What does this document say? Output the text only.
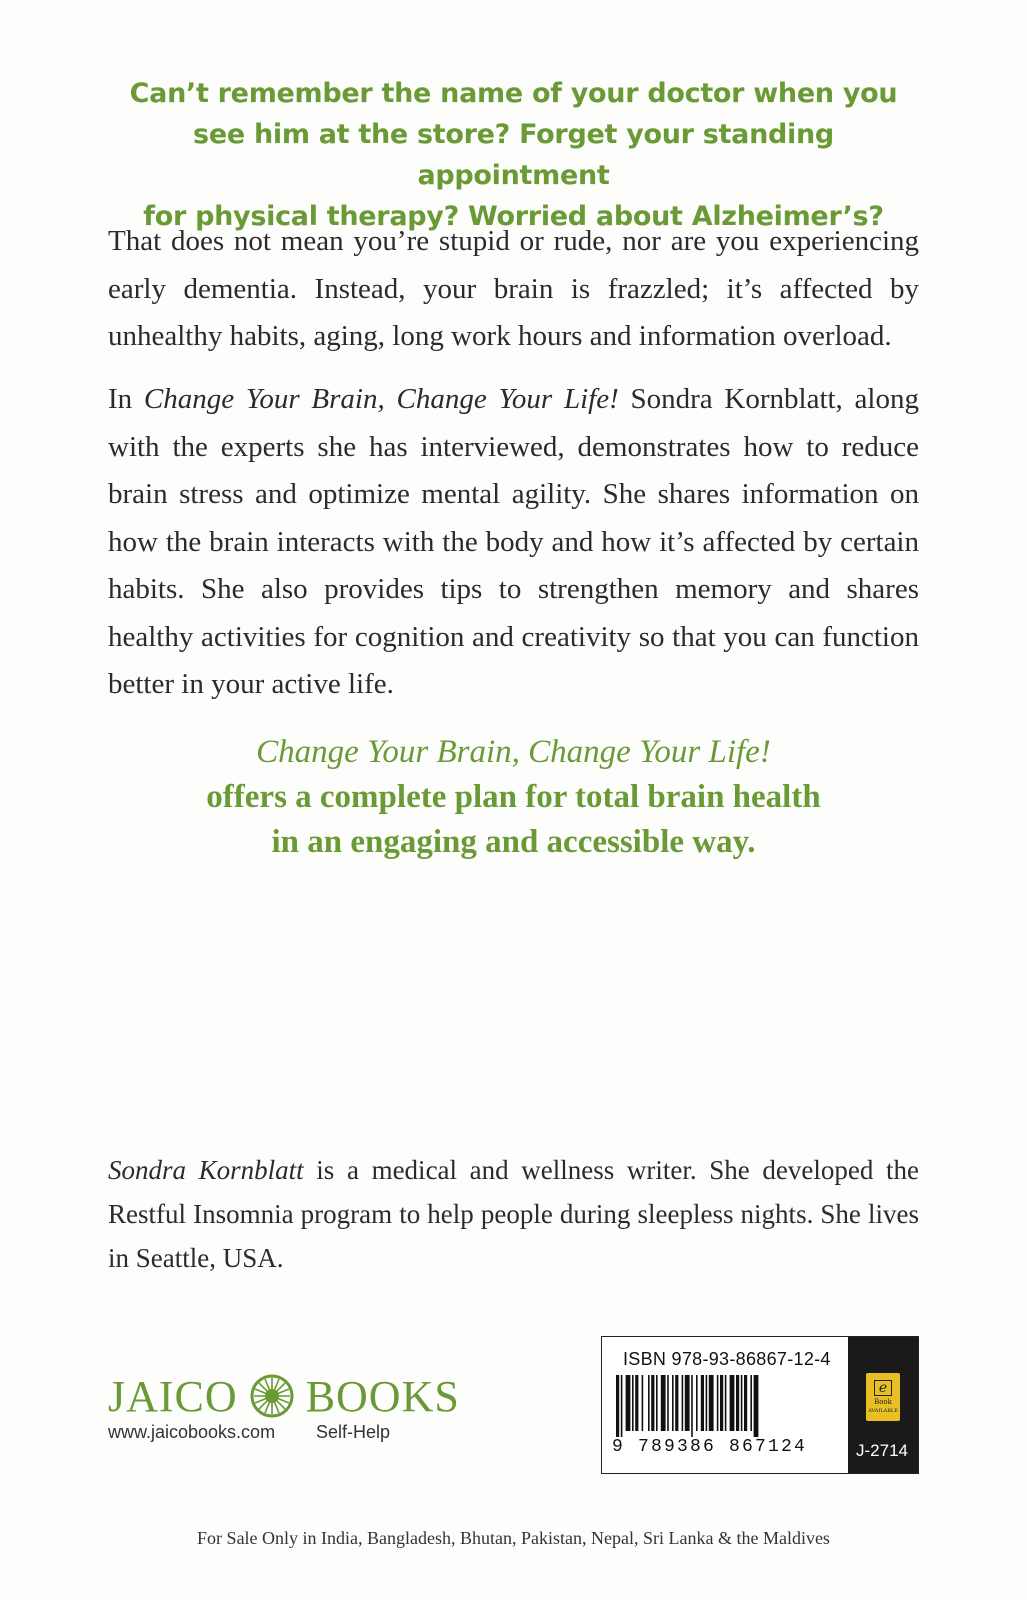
Can’t remember the name of your doctor when you
see him at the store? Forget your standing appointment
for physical therapy? Worried about Alzheimer’s?
That does not mean you’re stupid or rude, nor are you experiencing early dementia. Instead, your brain is frazzled; it’s affected by unhealthy habits, aging, long work hours and information overload.
In Change Your Brain, Change Your Life! Sondra Kornblatt, along with the experts she has interviewed, demonstrates how to reduce brain stress and optimize mental agility. She shares information on how the brain interacts with the body and how it’s affected by certain habits. She also provides tips to strengthen memory and shares healthy activities for cognition and creativity so that you can function better in your active life.
Change Your Brain, Change Your Life!
offers a complete plan for total brain health
in an engaging and accessible way.
Sondra Kornblatt is a medical and wellness writer. She developed the Restful Insomnia program to help people during sleepless nights. She lives in Seattle, USA.
JAICO BOOKS
www.jaicobooks.com Self-Help
ISBN 978-93-86867-12-4
9 789386 867124
e
Book
AVAILABLE
J-2714
For Sale Only in India, Bangladesh, Bhutan, Pakistan, Nepal, Sri Lanka & the Maldives
